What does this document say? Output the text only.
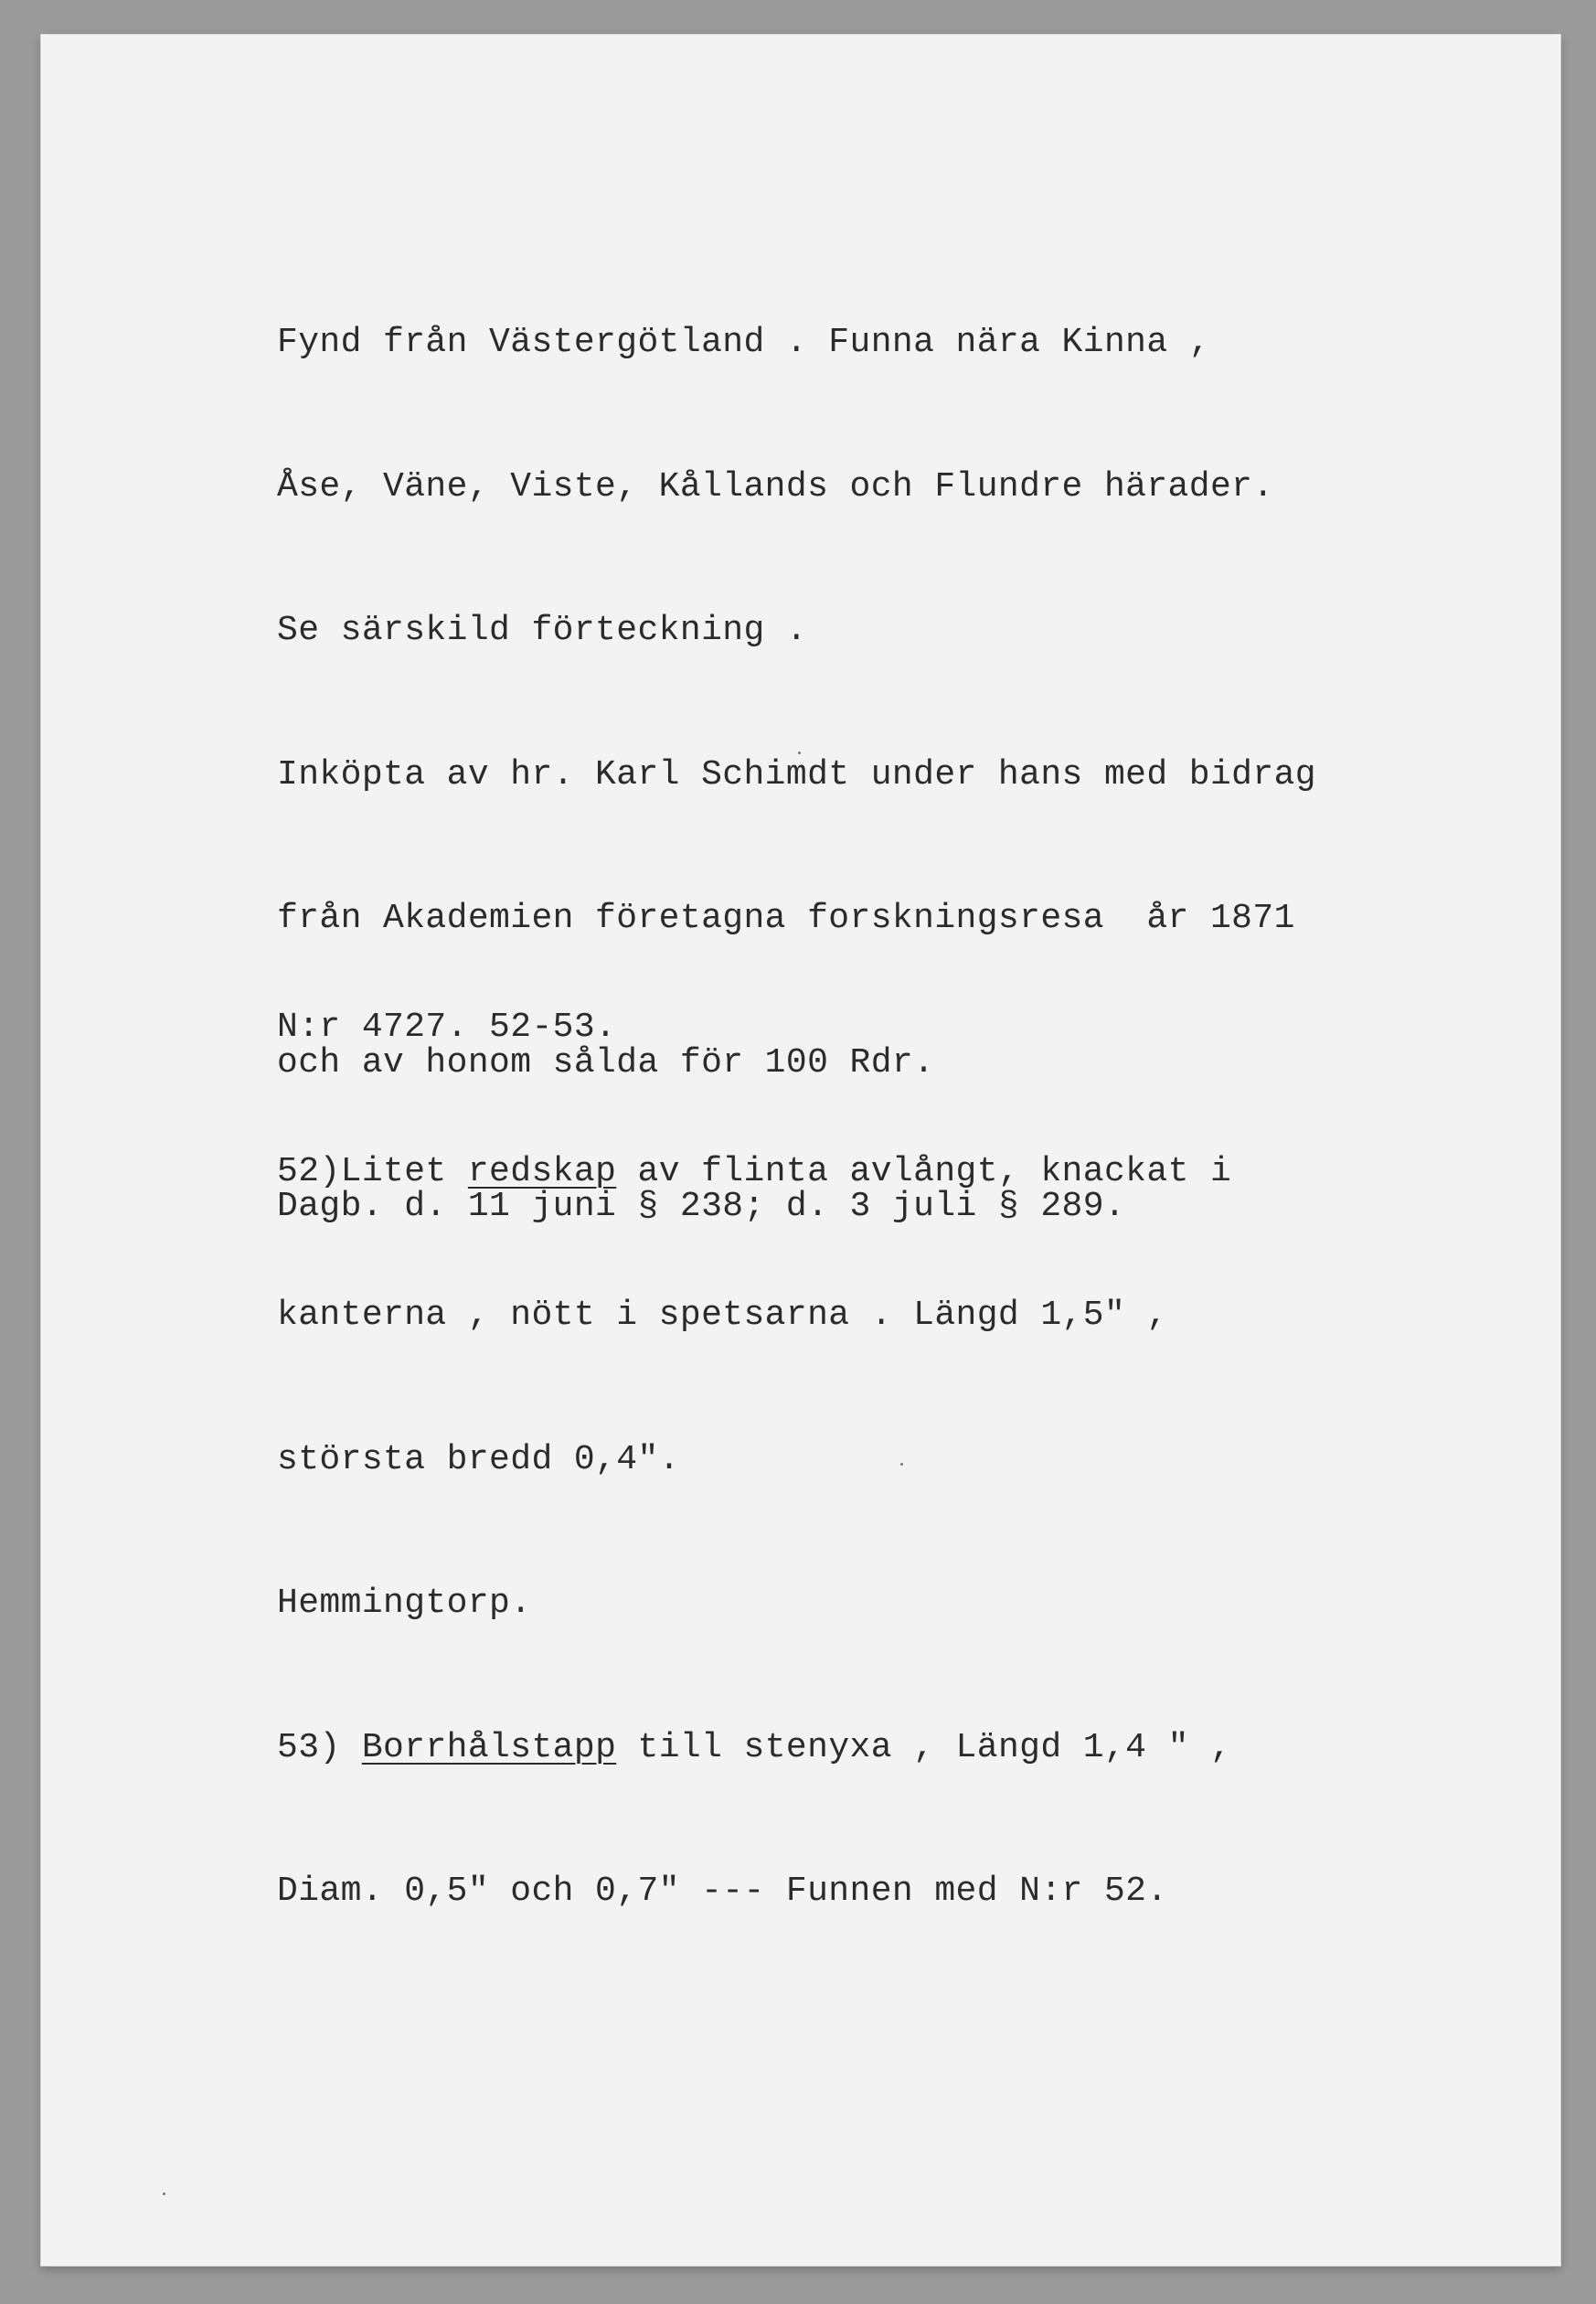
Fynd från Västergötland . Funna nära Kinna ,

Åse, Väne, Viste, Kållands och Flundre härader.

Se särskild förteckning .

Inköpta av hr. Karl Schimdt under hans med bidrag

från Akademien företagna forskningsresa  år 1871

och av honom sålda för 100 Rdr.

Dagb. d. 11 juni § 238; d. 3 juli § 289.

N:r 4727. 52-53.

52)Litet redskap av flinta avlångt, knackat i

kanterna , nött i spetsarna . Längd 1,5" ,

största bredd 0,4".

Hemmingtorp.

53) Borrhålstapp till stenyxa , Längd 1,4 " ,

Diam. 0,5" och 0,7" --- Funnen med N:r 52.
